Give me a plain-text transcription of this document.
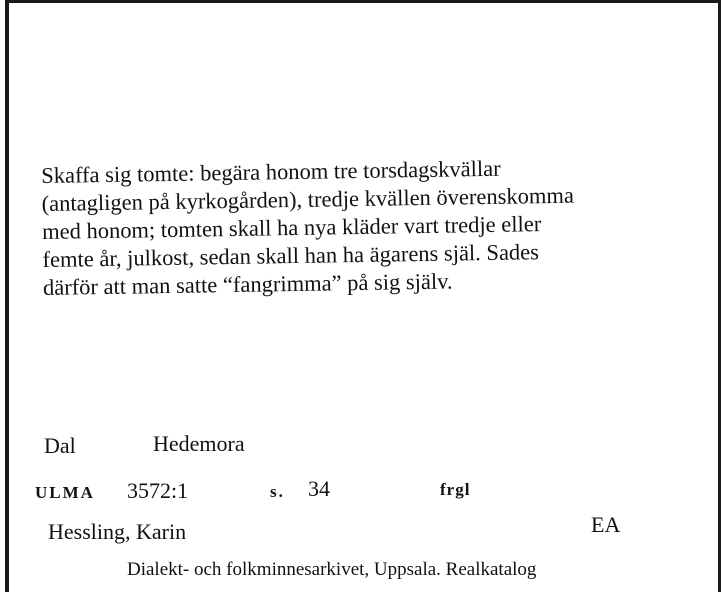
Skaffa sig tomte: begära honom tre torsdagskvällar
(antagligen på kyrkogården), tredje kvällen överenskomma
med honom; tomten skall ha nya kläder vart tredje eller
femte år, julkost, sedan skall han ha ägarens själ. Sades
därför att man satte “fangrimma” på sig själv.
Dal	Hedemora
ULMA 3572:1	s. 34	frgl
Hessling, Karin	EA
Dialekt- och folkminnesarkivet, Uppsala. Realkatalog
